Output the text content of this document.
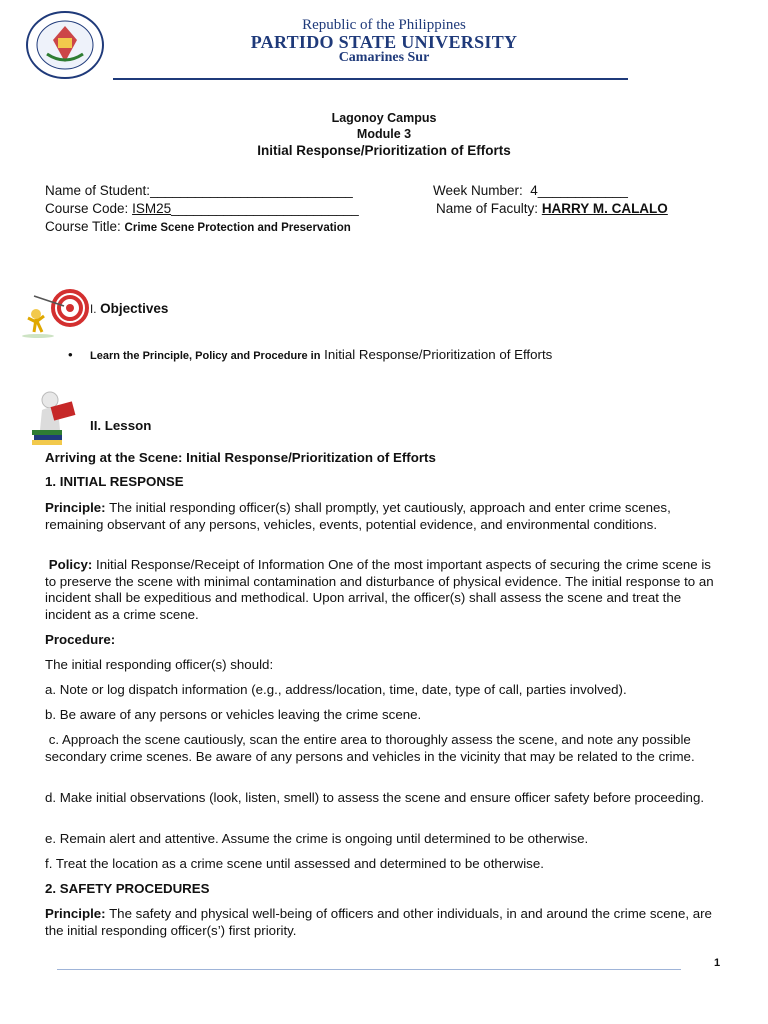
Republic of the Philippines
PARTIDO STATE UNIVERSITY
Camarines Sur
Lagonoy Campus
Module 3
Initial Response/Prioritization of Efforts
Name of Student:___________________________	Week Number: 4____________
Course Code: ISM25_________________________	Name of Faculty: HARRY M. CALALO
Course Title: Crime Scene Protection and Preservation
I. Objectives
• Learn the Principle, Policy and Procedure in Initial Response/Prioritization of Efforts
II. Lesson
Arriving at the Scene: Initial Response/Prioritization of Efforts
1. INITIAL RESPONSE

Principle: The initial responding officer(s) shall promptly, yet cautiously, approach and enter crime scenes, remaining observant of any persons, vehicles, events, potential evidence, and environmental conditions.

Policy: Initial Response/Receipt of Information One of the most important aspects of securing the crime scene is to preserve the scene with minimal contamination and disturbance of physical evidence. The initial response to an incident shall be expeditious and methodical. Upon arrival, the officer(s) shall assess the scene and treat the incident as a crime scene.

Procedure:
The initial responding officer(s) should:

a. Note or log dispatch information (e.g., address/location, time, date, type of call, parties involved).

b. Be aware of any persons or vehicles leaving the crime scene.

c. Approach the scene cautiously, scan the entire area to thoroughly assess the scene, and note any possible secondary crime scenes. Be aware of any persons and vehicles in the vicinity that may be related to the crime.

d. Make initial observations (look, listen, smell) to assess the scene and ensure officer safety before proceeding.

e. Remain alert and attentive. Assume the crime is ongoing until determined to be otherwise.

f. Treat the location as a crime scene until assessed and determined to be otherwise.

2. SAFETY PROCEDURES

Principle: The safety and physical well-being of officers and other individuals, in and around the crime scene, are the initial responding officer(s’) first priority.

1
